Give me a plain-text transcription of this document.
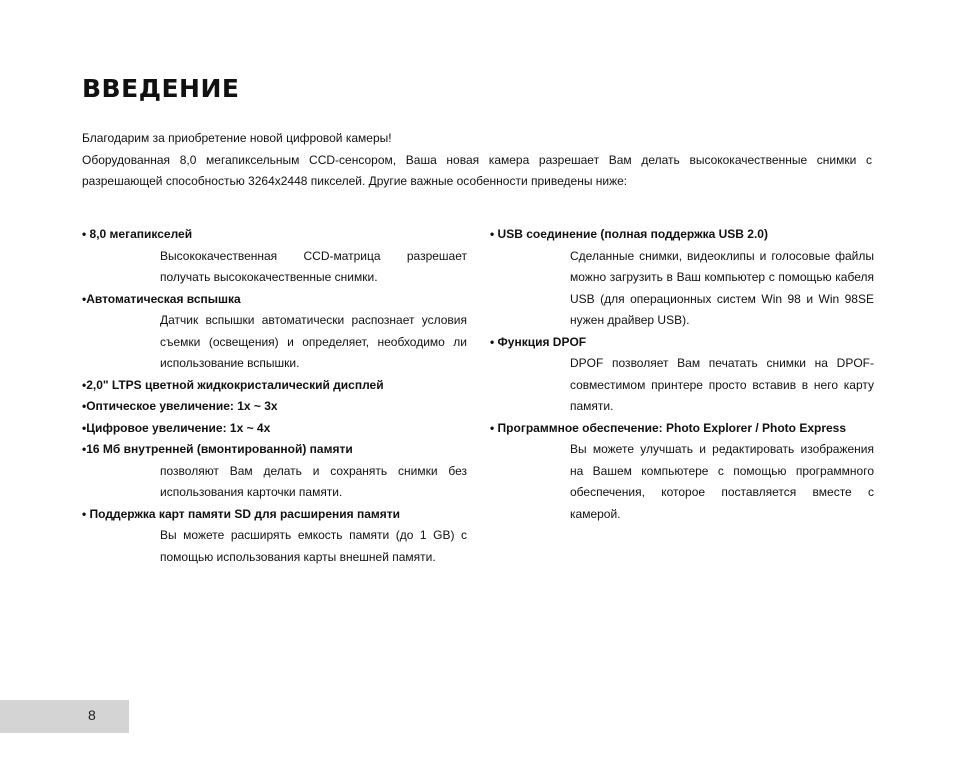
ВВЕДЕНИЕ

Благодарим за приобретение новой цифровой камеры!

Оборудованная 8,0 мегапиксельным CCD-сенсором, Ваша новая камера разрешает Вам делать высококачественные снимки с разрешающей способностью 3264x2448 пикселей. Другие важные особенности приведены ниже:

• 8,0 мегапикселей
Высококачественная CCD-матрица разрешает получать высококачественные снимки.
•Автоматическая вспышка
Датчик вспышки автоматически распознает условия съемки (освещения) и определяет, необходимо ли использование вспышки.
•2,0" LTPS цветной жидкокристалический дисплей
•Оптическое увеличение: 1x ~ 3x
•Цифровое увеличение: 1x ~ 4x
•16 Мб внутренней (вмонтированной) памяти
позволяют Вам делать и сохранять снимки без использования карточки памяти.
• Поддержка карт памяти SD для расширения памяти
Вы можете расширять емкость памяти (до 1 GB) с помощью использования карты внешней памяти.
• USB соединение (полная поддержка USB 2.0)
Сделанные снимки, видеоклипы и голосовые файлы можно загрузить в Ваш компьютер с помощью кабеля USB (для операционных систем Win 98 и Win 98SE нужен драйвер USB).
• Функция DPOF
DPOF позволяет Вам печатать снимки на DPOF-совместимом принтере просто вставив в него карту памяти.
• Программное обеспечение: Photo Explorer / Photo Express
Вы можете улучшать и редактировать изображения на Вашем компьютере с помощью программного обеспечения, которое поставляется вместе с камерой.
8
